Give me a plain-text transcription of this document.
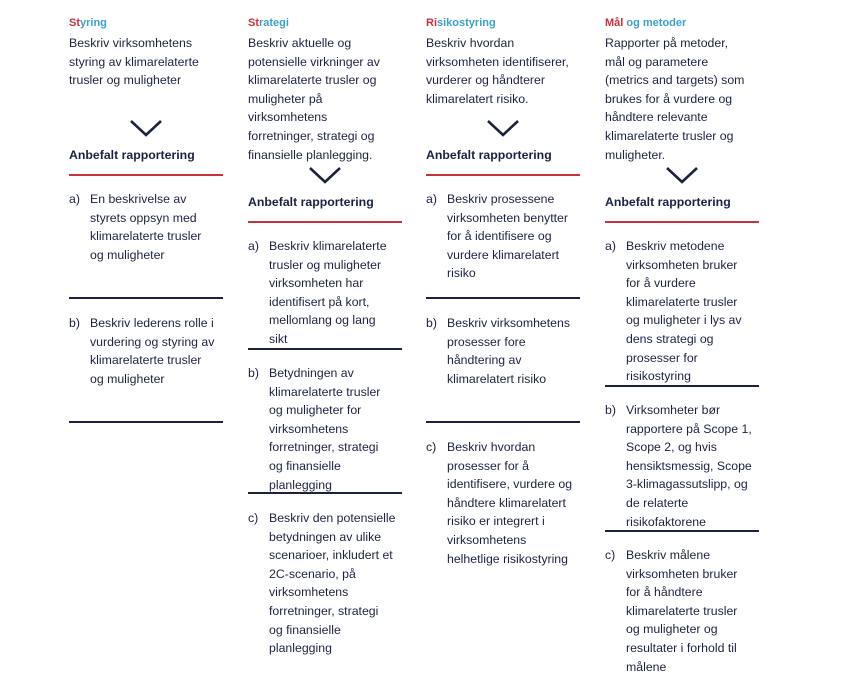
Styring
Beskriv virksomhetens
styring av klimarelaterte
trusler og muligheter
Anbefalt rapportering
a) En beskrivelse av
styrets oppsyn med
klimarelaterte trusler
og muligheter
b) Beskriv lederens rolle i
vurdering og styring av
klimarelaterte trusler
og muligheter
Strategi
Beskriv aktuelle og
potensielle virkninger av
klimarelaterte trusler og
muligheter på
virksomhetens
forretninger, strategi og
finansielle planlegging.
Anbefalt rapportering
a) Beskriv klimarelaterte
trusler og muligheter
virksomheten har
identifisert på kort,
mellomlang og lang
sikt
b) Betydningen av
klimarelaterte trusler
og muligheter for
virksomhetens
forretninger, strategi
og finansielle
planlegging
c) Beskriv den potensielle
betydningen av ulike
scenarioer, inkludert et
2C-scenario, på
virksomhetens
forretninger, strategi
og finansielle
planlegging
Risikostyring
Beskriv hvordan
virksomheten identifiserer,
vurderer og håndterer
klimarelatert risiko.
Anbefalt rapportering
a) Beskriv prosessene
virksomheten benytter
for å identifisere og
vurdere klimarelatert
risiko
b) Beskriv virksomhetens
prosesser fore
håndtering av
klimarelatert risiko
c) Beskriv hvordan
prosesser for å
identifisere, vurdere og
håndtere klimarelatert
risiko er integrert i
virksomhetens
helhetlige risikostyring
Mål og metoder
Rapporter på metoder,
mål og parametere
(metrics and targets) som
brukes for å vurdere og
håndtere relevante
klimarelaterte trusler og
muligheter.
Anbefalt rapportering
a) Beskriv metodene
virksomheten bruker
for å vurdere
klimarelaterte trusler
og muligheter i lys av
dens strategi og
prosesser for
risikostyring
b) Virksomheter bør
rapportere på Scope 1,
Scope 2, og hvis
hensiktsmessig, Scope
3-klimagassutslipp, og
de relaterte
risikofaktorene
c) Beskriv målene
virksomheten bruker
for å håndtere
klimarelaterte trusler
og muligheter og
resultater i forhold til
målene
